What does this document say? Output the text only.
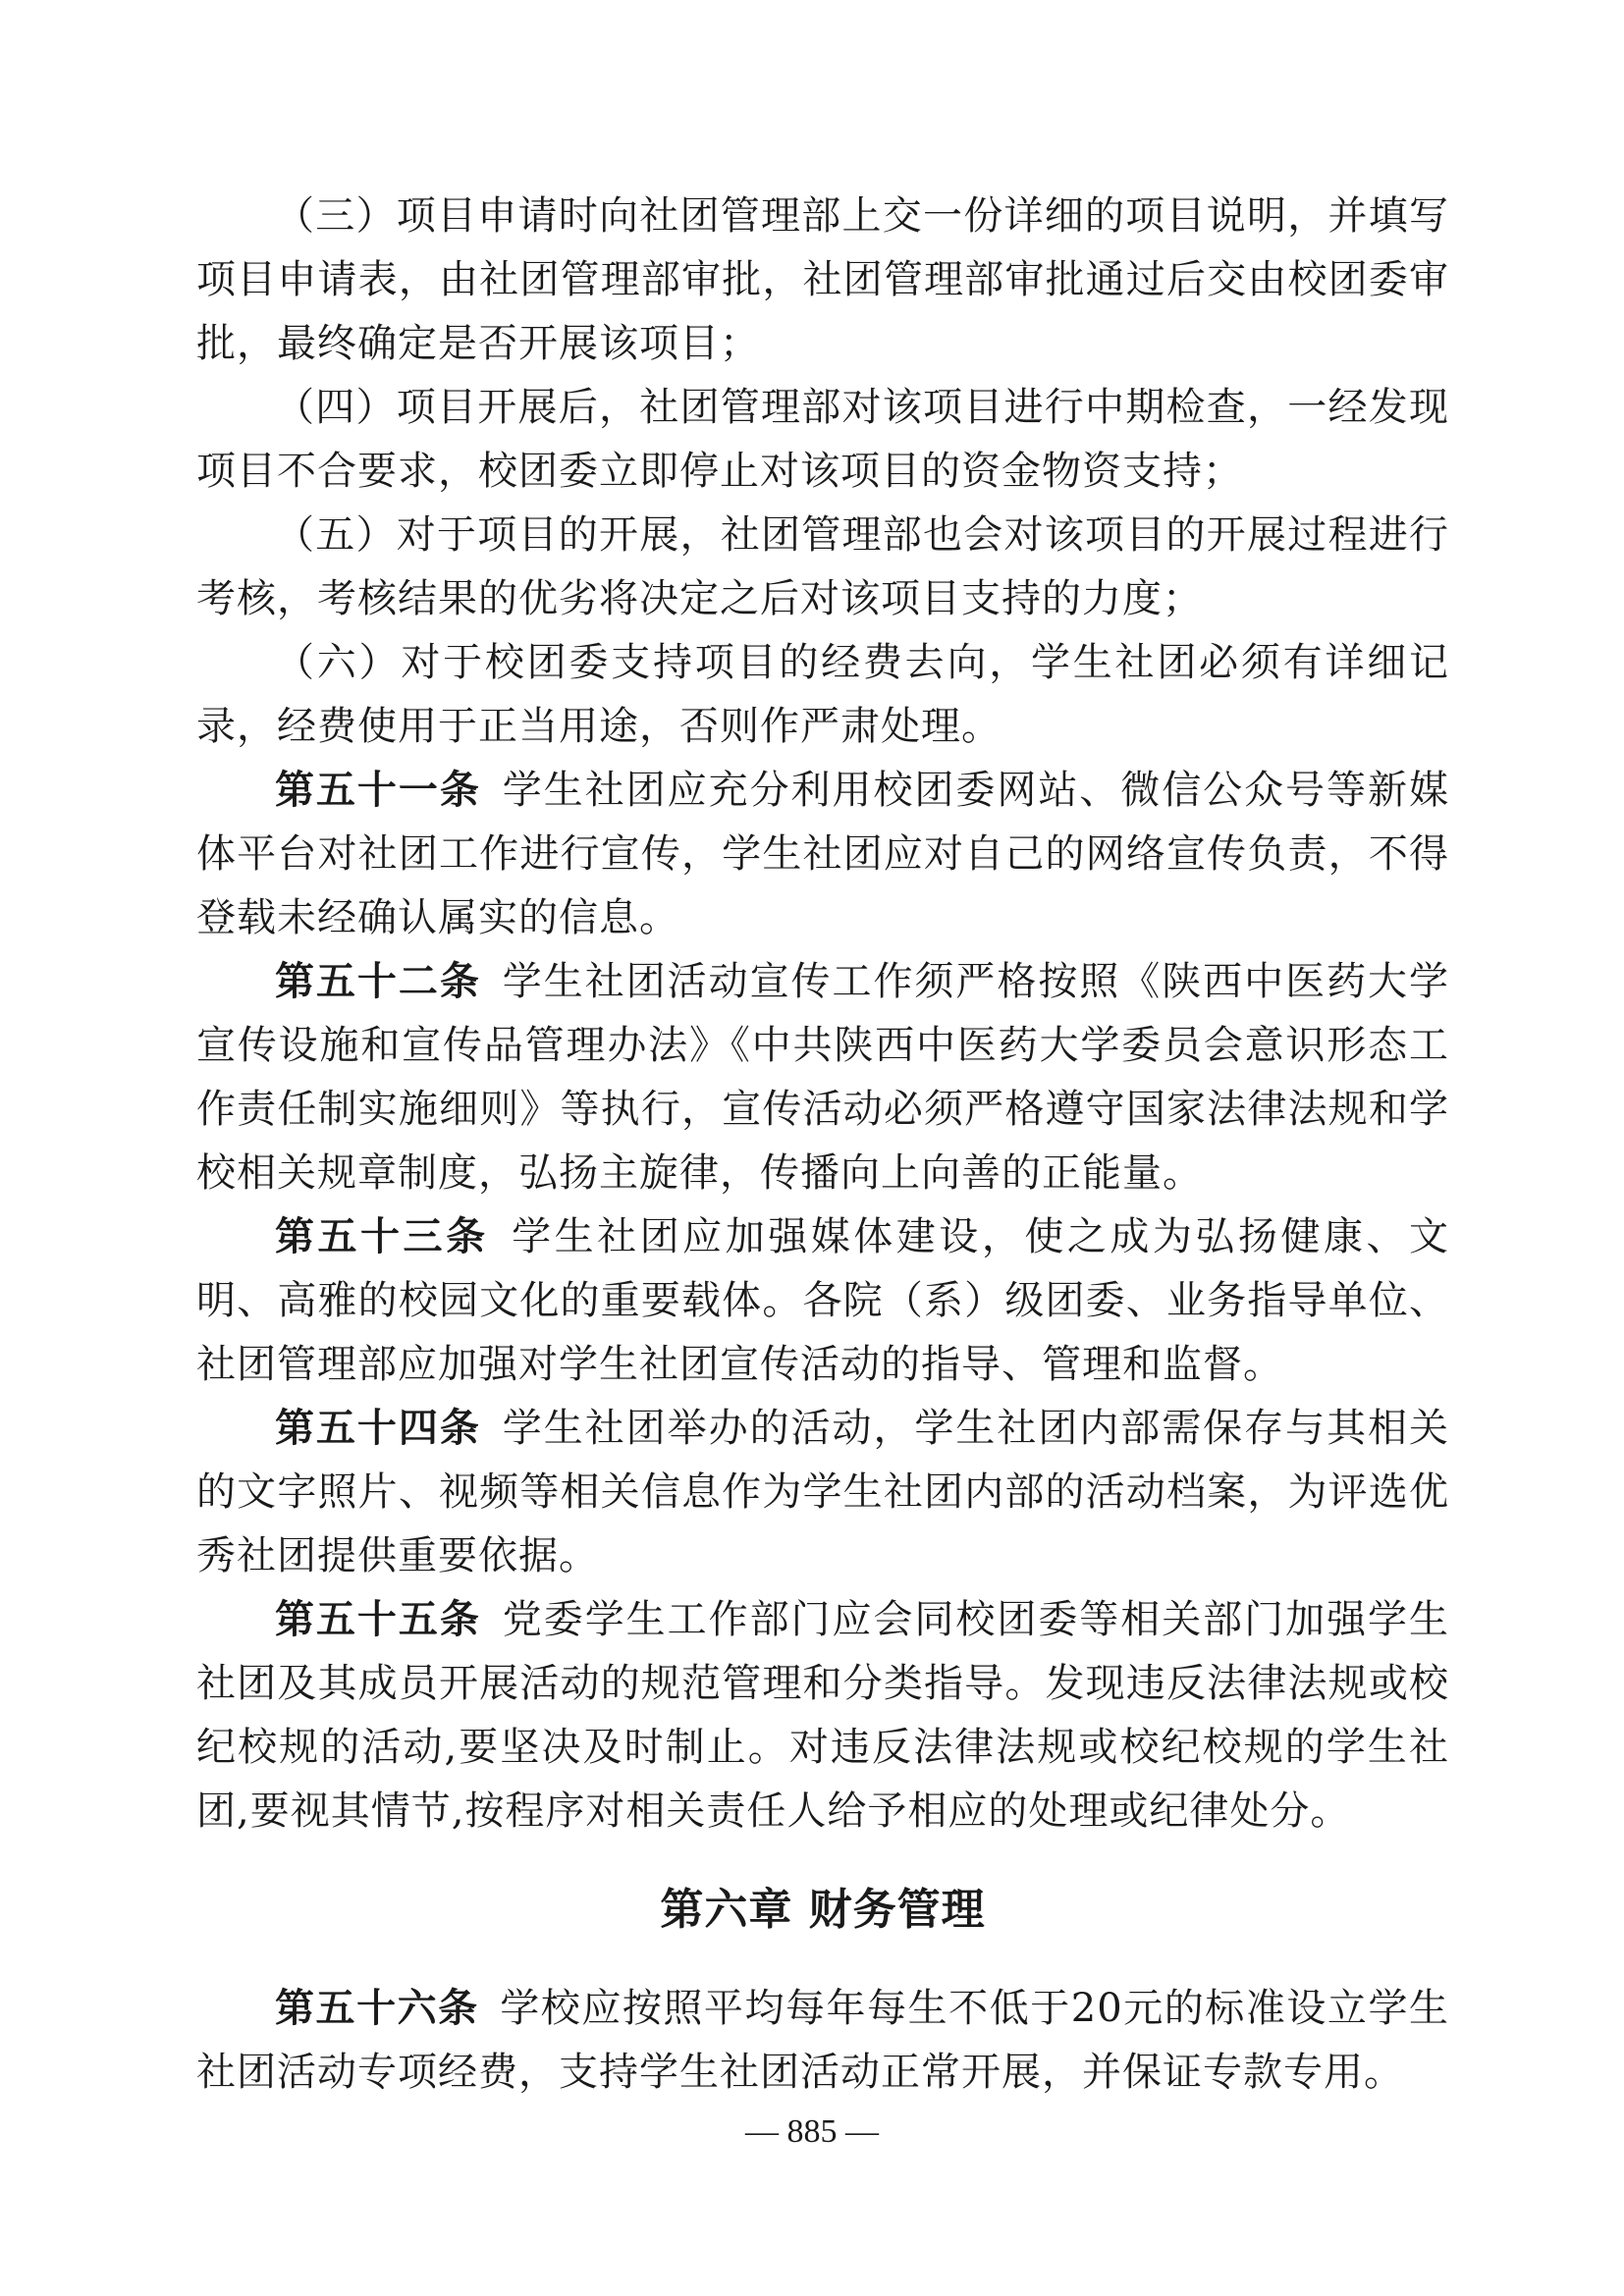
（三）项目申请时向社团管理部上交一份详细的项目说明，并填写项目申请表，由社团管理部审批，社团管理部审批通过后交由校团委审批，最终确定是否开展该项目；

（四）项目开展后，社团管理部对该项目进行中期检查，一经发现项目不合要求，校团委立即停止对该项目的资金物资支持；

（五）对于项目的开展，社团管理部也会对该项目的开展过程进行考核，考核结果的优劣将决定之后对该项目支持的力度；

（六）对于校团委支持项目的经费去向，学生社团必须有详细记录，经费使用于正当用途，否则作严肃处理。

第五十一条  学生社团应充分利用校团委网站、微信公众号等新媒体平台对社团工作进行宣传，学生社团应对自己的网络宣传负责，不得登载未经确认属实的信息。

第五十二条  学生社团活动宣传工作须严格按照《陕西中医药大学宣传设施和宣传品管理办法》《中共陕西中医药大学委员会意识形态工作责任制实施细则》等执行，宣传活动必须严格遵守国家法律法规和学校相关规章制度，弘扬主旋律，传播向上向善的正能量。

第五十三条  学生社团应加强媒体建设，使之成为弘扬健康、文明、高雅的校园文化的重要载体。各院（系）级团委、业务指导单位、社团管理部应加强对学生社团宣传活动的指导、管理和监督。

第五十四条  学生社团举办的活动，学生社团内部需保存与其相关的文字照片、视频等相关信息作为学生社团内部的活动档案，为评选优秀社团提供重要依据。

第五十五条  党委学生工作部门应会同校团委等相关部门加强学生社团及其成员开展活动的规范管理和分类指导。发现违反法律法规或校纪校规的活动,要坚决及时制止。对违反法律法规或校纪校规的学生社团,要视其情节,按程序对相关责任人给予相应的处理或纪律处分。

第六章 财务管理

第五十六条  学校应按照平均每年每生不低于20元的标准设立学生社团活动专项经费，支持学生社团活动正常开展，并保证专款专用。

— 885 —
